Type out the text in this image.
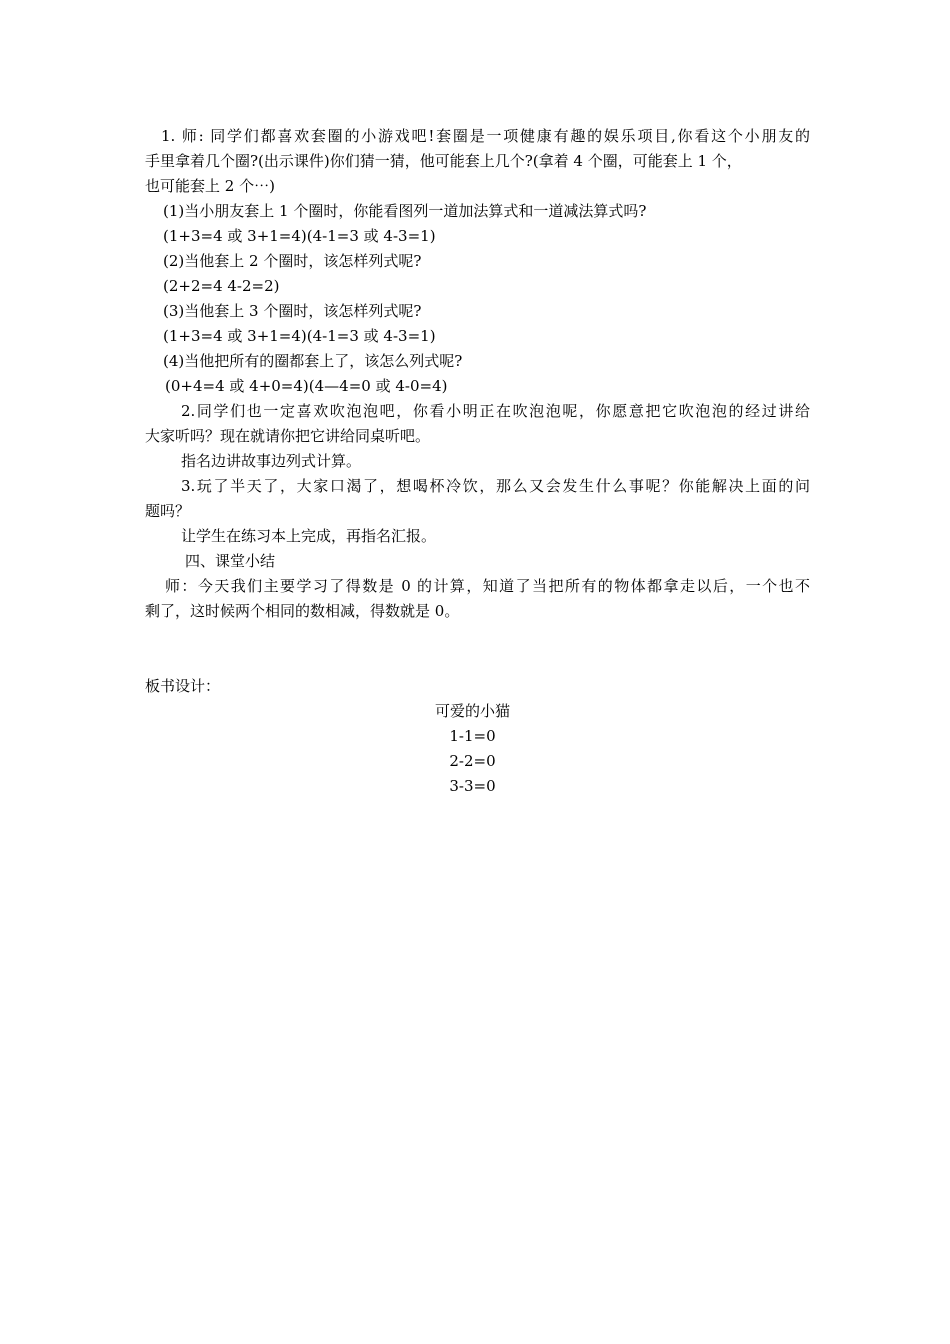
1. 师: 同学们都喜欢套圈的小游戏吧!套圈是一项健康有趣的娱乐项目,你看这个小朋友的
手里拿着几个圈?(出示课件)你们猜一猜，他可能套上几个?(拿着 4 个圈，可能套上 1 个，
也可能套上 2 个⋯)
(1)当小朋友套上 1 个圈时，你能看图列一道加法算式和一道减法算式吗?
(1+3=4 或 3+1=4)(4-1=3 或 4-3=1)
(2)当他套上 2 个圈时，该怎样列式呢?
(2+2=4 4-2=2)
(3)当他套上 3 个圈时，该怎样列式呢?
(1+3=4 或 3+1=4)(4-1=3 或 4-3=1)
(4)当他把所有的圈都套上了，该怎么列式呢?
(0+4=4 或 4+0=4)(4—4=0 或 4-0=4)
2.同学们也一定喜欢吹泡泡吧，你看小明正在吹泡泡呢，你愿意把它吹泡泡的经过讲给
大家听吗？现在就请你把它讲给同桌听吧。
指名边讲故事边列式计算。
3.玩了半天了，大家口渴了，想喝杯冷饮，那么又会发生什么事呢？你能解决上面的问
题吗？
让学生在练习本上完成，再指名汇报。
四、课堂小结
师：今天我们主要学习了得数是 0 的计算，知道了当把所有的物体都拿走以后，一个也不
剩了，这时候两个相同的数相减，得数就是 0。
板书设计：
可爱的小猫
1-1=0
2-2=0
3-3=0
